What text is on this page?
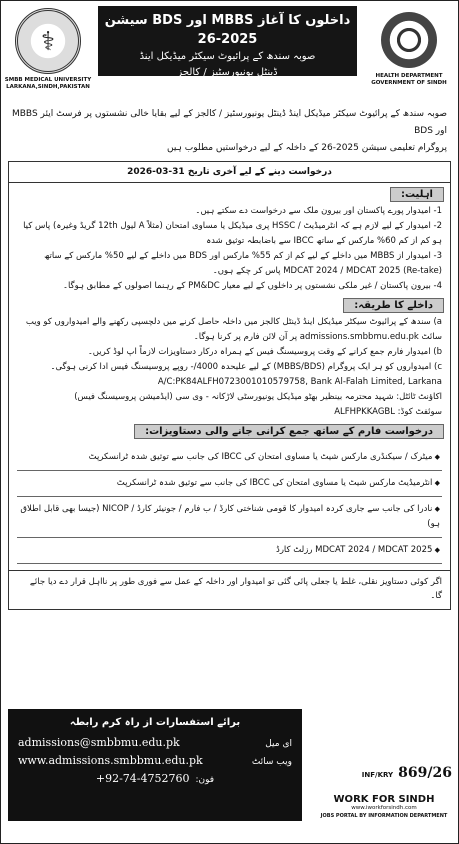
⚕
SMBB MEDICAL UNIVERSITY
LARKANA,SINDH,PAKISTAN
داخلوں کا آغاز MBBS اور BDS سیشن 2025-26
صوبہ سندھ کے پرائیوٹ سیکٹر میڈیکل اینڈ
ڈینٹل یونیورسٹیز / کالجز	HEALTH DEPARTMENT
GOVERNMENT OF SINDH
صوبہ سندھ کے پرائیوٹ سیکٹر میڈیکل اینڈ ڈینٹل یونیورسٹیز / کالجز کے لیے بقایا خالی نشستوں پر فرسٹ ایئر MBBS اور BDS
پروگرام تعلیمی سیشن 2025-26 کے داخلہ کے لیے درخواستیں مطلوب ہیں
درخواست دینے کے لیے آخری تاریخ 31-03-2026
اہلیت:
1- امیدوار پورے پاکستان اور بیرون ملک سے درخواست دے سکتے ہیں۔
2- امیدوار کے لیے لازم ہے کہ انٹرمیڈیٹ / HSSC پری میڈیکل یا مساوی امتحان (مثلاً A لیول 12th گریڈ وغیرہ) پاس کیا ہو کم از کم 60% مارکس کے ساتھ IBCC سے باضابطہ توثیق شدہ
3- امیدوار از MBBS میں داخلے کے لیے کم از کم 55% مارکس اور BDS میں داخلے کے لیے 50% مارکس کے ساتھ MDCAT 2024 / MDCAT 2025 (Re-take) پاس کر چکے ہوں۔
4- بیرون پاکستان / غیر ملکی نشستوں پر داخلوں کے لیے معیار PM&DC کے رہنما اصولوں کے مطابق ہوگا۔
داخلے کا طریقہ:
a) سندھ کے پرائیوٹ سیکٹر میڈیکل اینڈ ڈینٹل کالجز میں داخلہ حاصل کرنے میں دلچسپی رکھنے والے امیدواروں کو ویب سائٹ admissions.smbbmu.edu.pk پر آن لائن فارم پر کرنا ہوگا۔
b) امیدوار فارم جمع کرانے کے وقت پروسیسنگ فیس کے ہمراہ درکار دستاویزات لازماً اپ لوڈ کریں۔
c) امیدواروں کو ہر ایک پروگرام (MBBS/BDS) کے لیے علیحدہ 4000/- روپے پروسیسنگ فیس ادا کرنی ہوگی۔
A/C:PK84ALFH0723001010579758, Bank Al-Falah Limited, Larkana
اکاؤنٹ ٹائٹل: شہید محترمہ بینظیر بھٹو میڈیکل یونیورسٹی لاڑکانہ - وی سی (ایڈمیشن پروسیسنگ فیس)
ALFHPKKAGBL :سوئفٹ کوڈ
درخواست فارم کے ساتھ جمع کرانی جانے والی دستاویزات:
◆ میٹرک / سیکنڈری مارکس شیٹ یا مساوی امتحان کی IBCC کی جانب سے توثیق شدہ ٹرانسکرپٹ
◆ انٹرمیڈیٹ مارکس شیٹ یا مساوی امتحان کی IBCC کی جانب سے توثیق شدہ ٹرانسکرپٹ
◆ نادرا کی جانب سے جاری کردہ امیدوار کا قومی شناختی کارڈ / ب فارم / جونیئر کارڈ / NICOP (جیسا بھی قابل اطلاق ہو)
◆ MDCAT 2024 / MDCAT 2025 رزلٹ کارڈ
اگر کوئی دستاویز نقلی، غلط یا جعلی پائی گئی تو امیدوار اور داخلہ کے عمل سے فوری طور پر نااہل قرار دے دیا جائے گا۔
برائے استفسارات از راہ کرم رابطہ
admissions@smbbmu.edu.pk	ای میل
www.admissions.smbbmu.edu.pk	ویب سائٹ
+92-74-4752760 فون:	INF/KRY 869/26
WORK FOR SINDH
www.iworkforsindh.com
JOBS PORTAL BY INFORMATION DEPARTMENT
